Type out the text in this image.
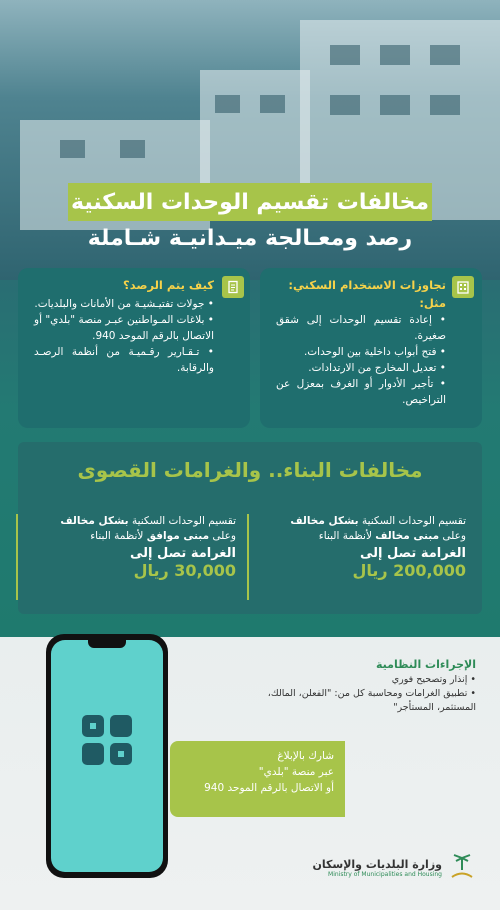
مخالفات تقسيم الوحدات السكنية
رصد ومعـالجة ميـدانيـة شـاملة
تجاوزات الاستخدام السكني:
مثل:
• إعادة تقسيم الوحدات إلى شقق صغيرة.
• فتح أبواب داخلية بين الوحدات.
• تعديل المخارج من الارتدادات.
• تأجير الأدوار أو الغرف بمعزل عن التراخيص.
كيف يتم الرصد؟
• جولات تفتيـشيـة من الأمانات والبلديات.
• بلاغات المـواطنين عبـر منصة "بلدي" أو الاتصال بالرقم الموحد 940.
• تـقـارير رقـميـة من أنظمة الرصـد والرقابة.
مخالفات البناء.. والغرامات القصوى
تقسيم الوحدات السكنية بشكل مخالف
وعلى مبنى مخالف لأنظمة البناء
الغرامة تصل إلى
200,000 ريال
تقسيم الوحدات السكنية بشكل مخالف
وعلى مبنى موافق لأنظمة البناء
الغرامة تصل إلى
30,000 ريال
الإجراءات النظامية
• إنذار وتصحيح فوري
• تطبيق الغرامات ومحاسبة كل من: "الفعلن، المالك، المستثمر، المستأجر"
شارك بالإبلاغ
عبر منصة "بلدي"
أو الاتصال بالرقم الموحد 940
وزارة البلديات والإسكان
Ministry of Municipalities and Housing
